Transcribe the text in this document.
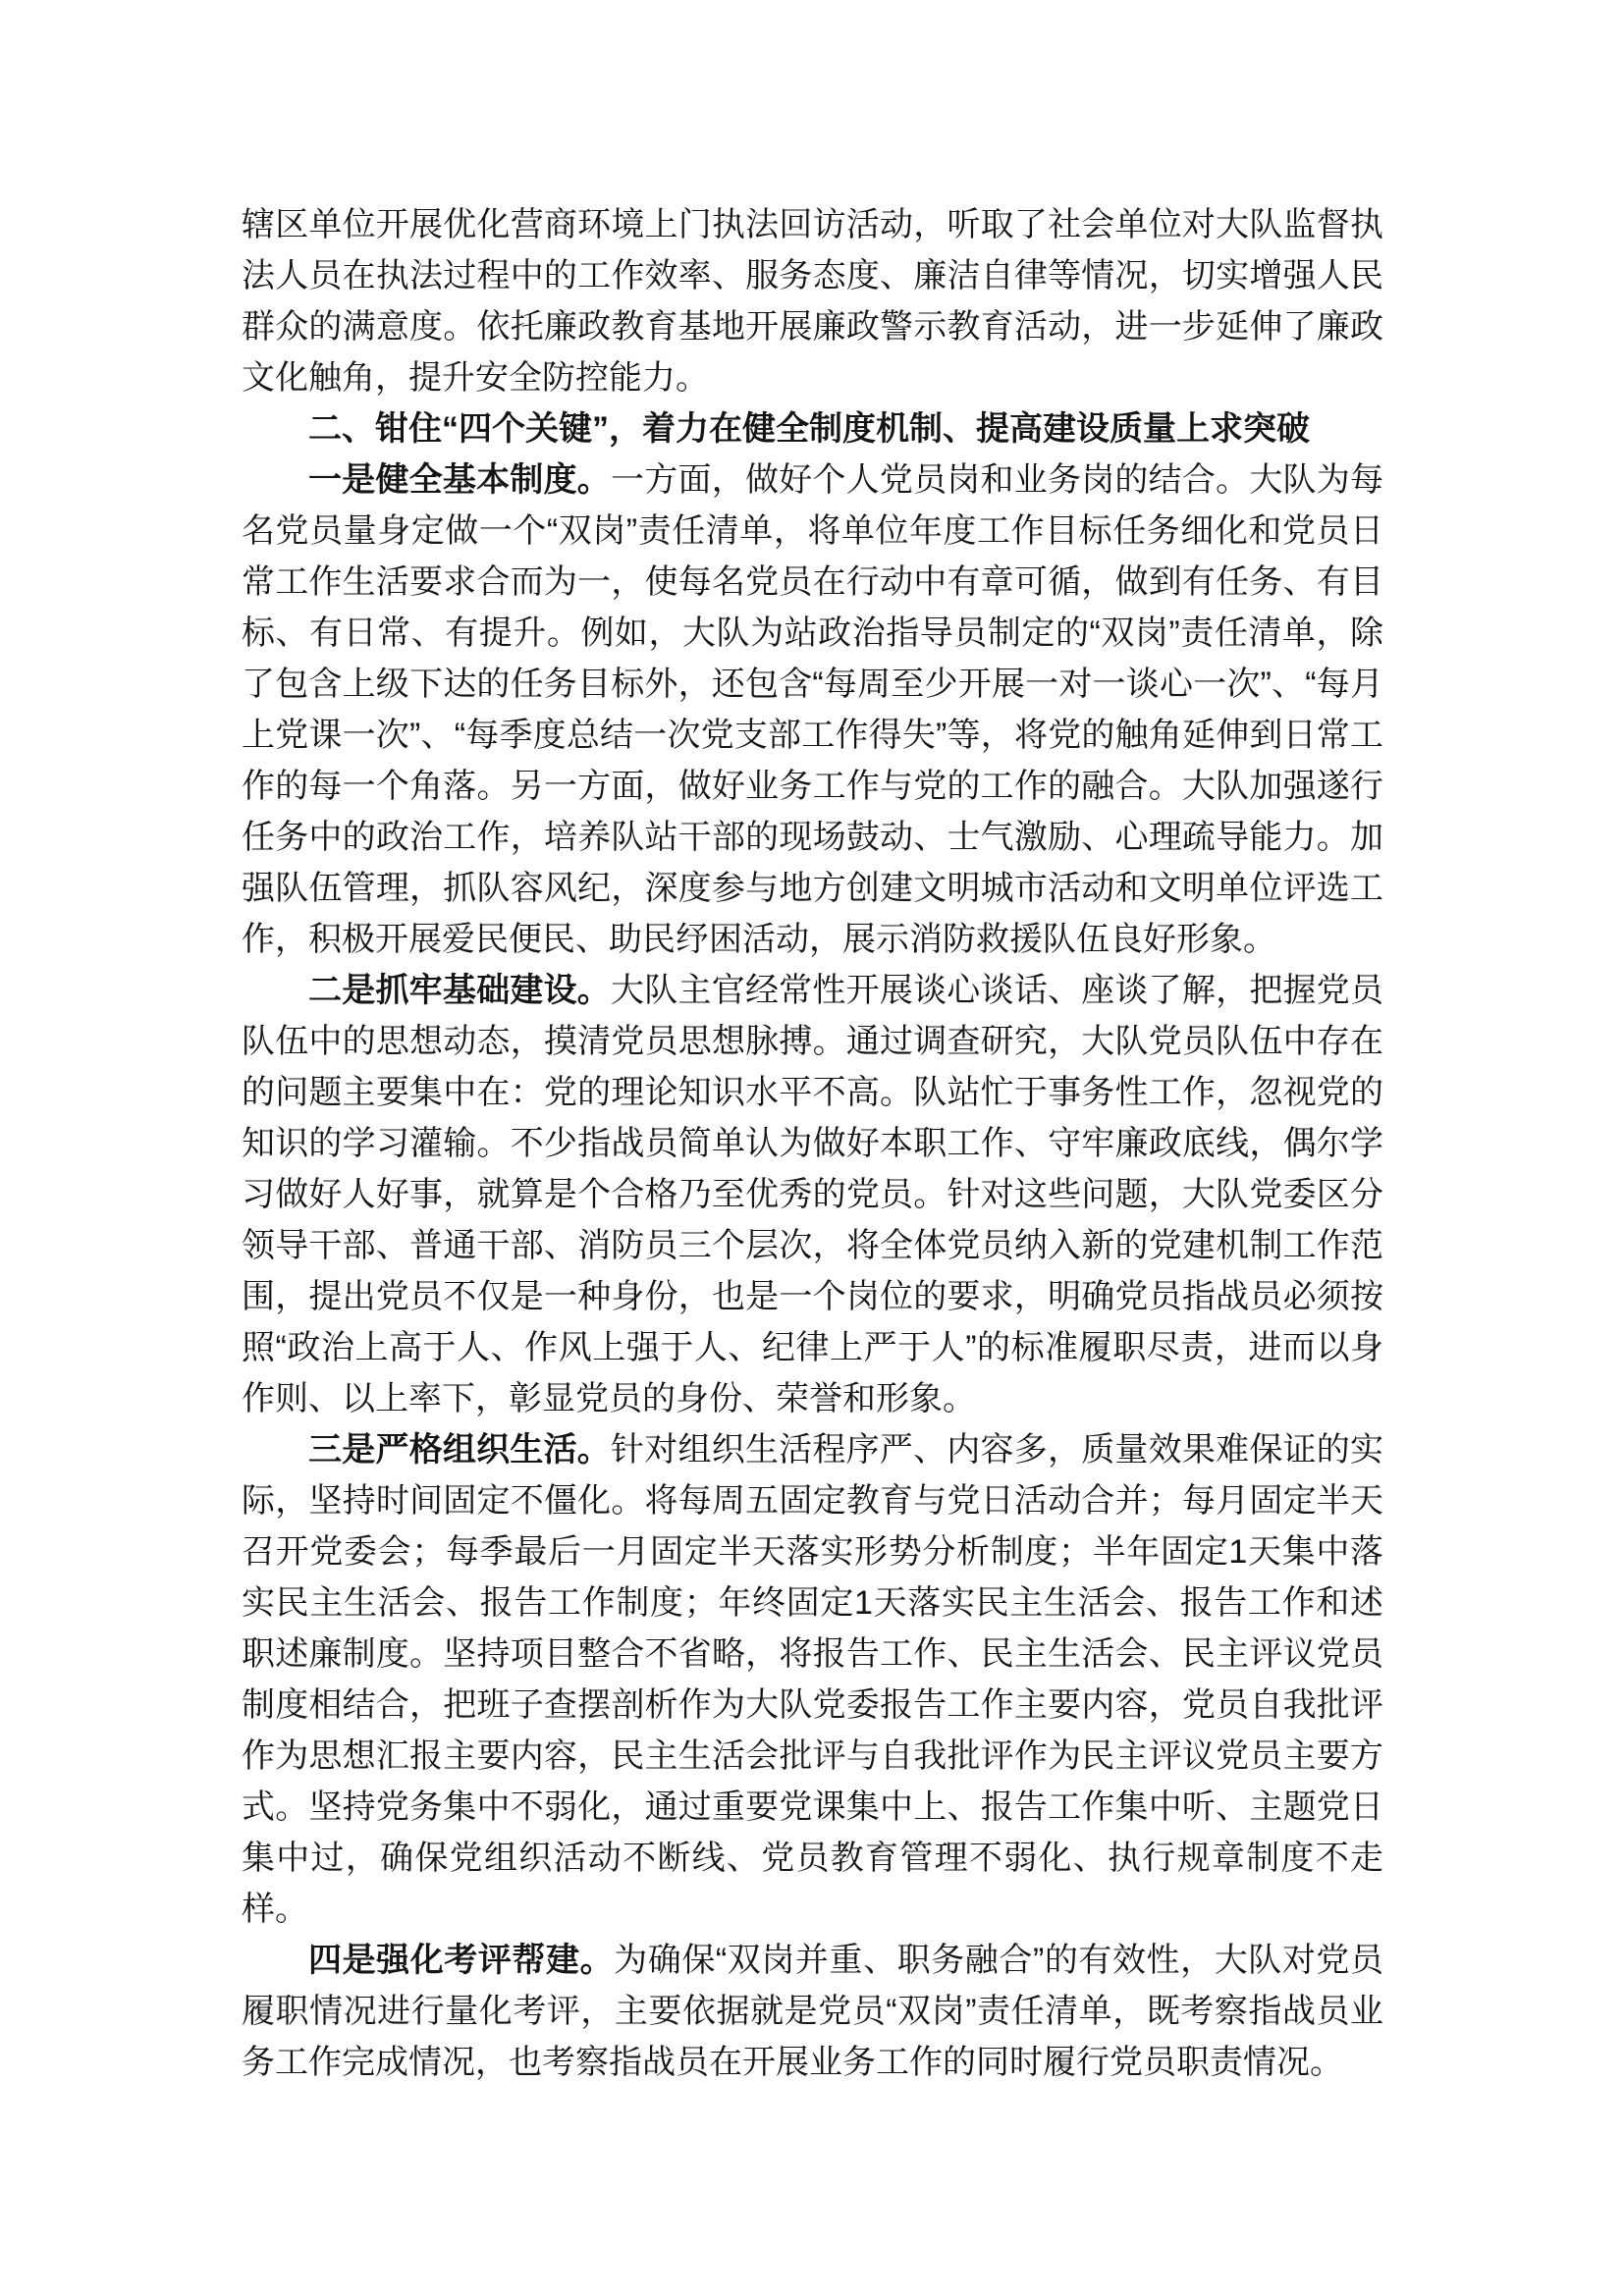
辖区单位开展优化营商环境上门执法回访活动，听取了社会单位对大队监督执法人员在执法过程中的工作效率、服务态度、廉洁自律等情况，切实增强人民群众的满意度。依托廉政教育基地开展廉政警示教育活动，进一步延伸了廉政文化触角，提升安全防控能力。

二、钳住“四个关键”，着力在健全制度机制、提高建设质量上求突破

一是健全基本制度。一方面，做好个人党员岗和业务岗的结合。大队为每名党员量身定做一个“双岗”责任清单，将单位年度工作目标任务细化和党员日常工作生活要求合而为一，使每名党员在行动中有章可循，做到有任务、有目标、有日常、有提升。例如，大队为站政治指导员制定的“双岗”责任清单，除了包含上级下达的任务目标外，还包含“每周至少开展一对一谈心一次”、“每月上党课一次”、“每季度总结一次党支部工作得失”等，将党的触角延伸到日常工作的每一个角落。另一方面，做好业务工作与党的工作的融合。大队加强遂行任务中的政治工作，培养队站干部的现场鼓动、士气激励、心理疏导能力。加强队伍管理，抓队容风纪，深度参与地方创建文明城市活动和文明单位评选工作，积极开展爱民便民、助民纾困活动，展示消防救援队伍良好形象。

二是抓牢基础建设。大队主官经常性开展谈心谈话、座谈了解，把握党员队伍中的思想动态，摸清党员思想脉搏。通过调查研究，大队党员队伍中存在的问题主要集中在：党的理论知识水平不高。队站忙于事务性工作，忽视党的知识的学习灌输。不少指战员简单认为做好本职工作、守牢廉政底线，偶尔学习做好人好事，就算是个合格乃至优秀的党员。针对这些问题，大队党委区分领导干部、普通干部、消防员三个层次，将全体党员纳入新的党建机制工作范围，提出党员不仅是一种身份，也是一个岗位的要求，明确党员指战员必须按照“政治上高于人、作风上强于人、纪律上严于人”的标准履职尽责，进而以身作则、以上率下，彰显党员的身份、荣誉和形象。

三是严格组织生活。针对组织生活程序严、内容多，质量效果难保证的实际，坚持时间固定不僵化。将每周五固定教育与党日活动合并；每月固定半天召开党委会；每季最后一月固定半天落实形势分析制度；半年固定1天集中落实民主生活会、报告工作制度；年终固定1天落实民主生活会、报告工作和述职述廉制度。坚持项目整合不省略，将报告工作、民主生活会、民主评议党员制度相结合，把班子查摆剖析作为大队党委报告工作主要内容，党员自我批评作为思想汇报主要内容，民主生活会批评与自我批评作为民主评议党员主要方式。坚持党务集中不弱化，通过重要党课集中上、报告工作集中听、主题党日集中过，确保党组织活动不断线、党员教育管理不弱化、执行规章制度不走样。

四是强化考评帮建。为确保“双岗并重、职务融合”的有效性，大队对党员履职情况进行量化考评，主要依据就是党员“双岗”责任清单，既考察指战员业务工作完成情况，也考察指战员在开展业务工作的同时履行党员职责情况。
